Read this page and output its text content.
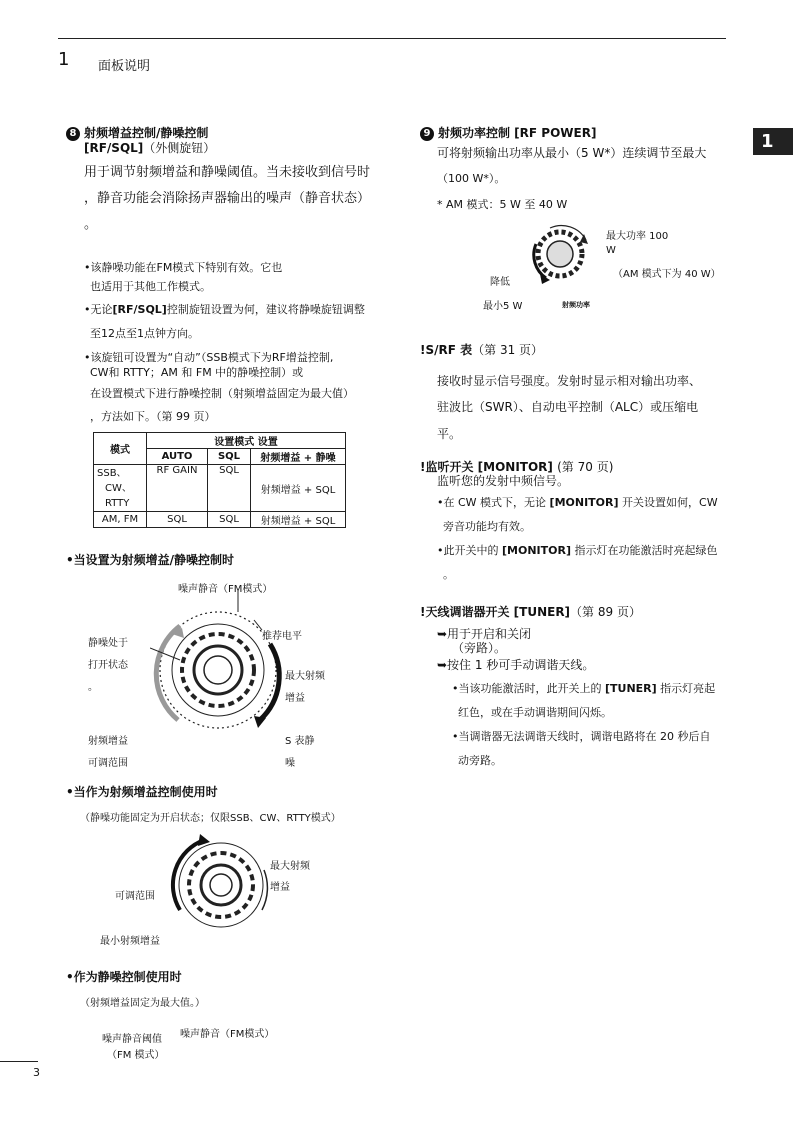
1 面板说明
1
8 射频增益控制/静噪控制
[RF/SQL]（外侧旋钮）
用于调节射频增益和静噪阈值。当未接收到信号时
，静音功能会消除扬声器输出的噪声（静音状态）
。
•该静噪功能在FM模式下特别有效。它也
也适用于其他工作模式。
•无论[RF/SQL]控制旋钮设置为何，建议将静噪旋钮调整
至12点至1点钟方向。
•该旋钮可设置为“自动”（SSB模式下为RF增益控制,
CW和 RTTY；AM 和 FM 中的静噪控制）或
在设置模式下进行静噪控制（射频增益固定为最大值）
，方法如下。（第 99 页）
模式	设置模式 设置		
	AUTO	SQL	射频增益 + 静噪
SSB、
CW、
RTTY	RF GAIN	SQL	射频增益 + SQL
AM, FM	SQL	SQL	射频增益 + SQL
•当设置为射频增益/静噪控制时
噪声静音（FM模式）
推荐电平
静噪处于
打开状态
。
最大射频
增益
射频增益
可调范围
S 表静
噪
•当作为射频增益控制使用时
（静噪功能固定为开启状态；仅限SSB、CW、RTTY模式）
最大射频
增益
可调范围
最小射频增益
•作为静噪控制使用时
（射频增益固定为最大值。）
噪声静音阈值
（FM 模式）
噪声静音（FM模式）
9 射频功率控制 [RF POWER]
可将射频输出功率从最小（5 W*）连续调节至最大
（100 W*）。
* AM 模式：5 W 至 40 W
最大功率 100
W
（AM 模式下为 40 W）
降低
最小5 W	射频功率
!S/RF 表（第 31 页）
接收时显示信号强度。发射时显示相对输出功率、
驻波比（SWR）、自动电平控制（ALC）或压缩电
平。
!监听开关 [MONITOR] (第 70 页)
监听您的发射中频信号。
•在 CW 模式下，无论 [MONITOR] 开关设置如何，CW
旁音功能均有效。
•此开关中的 [MONITOR] 指示灯在功能激活时亮起绿色
。
!天线调谐器开关 [TUNER]（第 89 页）
➥用于开启和关闭
（旁路）。
➥按住 1 秒可手动调谐天线。
•当该功能激活时，此开关上的 [TUNER] 指示灯亮起
红色，或在手动调谐期间闪烁。
•当调谐器无法调谐天线时，调谐电路将在 20 秒后自
动旁路。
3
